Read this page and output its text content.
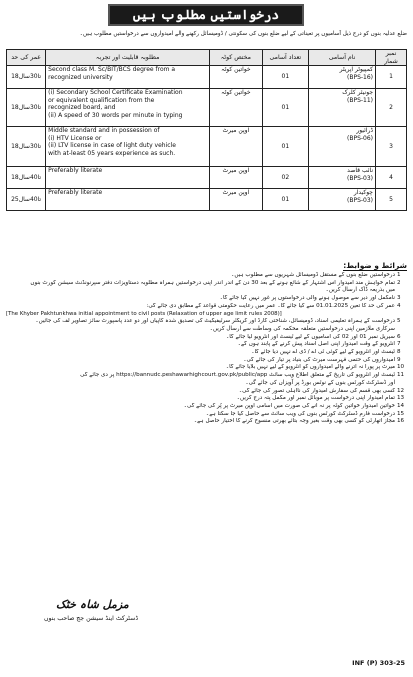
درخواستیں مطلوب ہیں
ضلع عدلیہ بنوں کو درج ذیل آسامیوں پر تعیناتی کے لیے ضلع بنوں کی سکونتی / ڈومیسائل رکھنے والے امیدواروں سے درخواستیں مطلوب ہیں۔
عمر کی حد	مطلوبہ قابلیت اور تجربہ	مختص کوٹہ	تعداد آسامی	نام آسامی	نمبر شمار
18تا30سال	Second class M. Sc/BIT/BCS degree from a
recognized university	خواتین کوٹہ	01	کمپیوٹر آپریٹر
(BPS-16)	1
18تا30سال	(i) Secondary School Certificate Examination
or equivalent qualification from the
recognized board, and
(ii) A speed of 30 words per minute in typing	خواتین کوٹہ	01	جونیئر کلرک
(BPS-11)	2
18تا30سال	Middle standard and in possession of
(i) HTV License or
(ii) LTV license in case of light duty vehicle
with at-least 05 years experience as such.	اوپن میرٹ	01	ڈرائیور
(BPS-06)	3
18تا40سال	Preferably literate	اوپن میرٹ	02	نائب قاصد
(BPS-03)	4
25تا40سال	Preferably literate	اوپن میرٹ	01	چوکیدار
(BPS-03)	5
شرائط و ضوابط:
1
درخواستیں ضلع بنوں کے مستقل ڈومیسائل شہریوں سے مطلوب ہیں۔
2
تمام خواہش مند امیدوار اس اشتہار کے شائع ہونے کے بعد 30 دن کے اندر اندر اپنی درخواستیں ہمراہ مطلوبہ دستاویزات دفتر سپرنونڈنٹ سیشن کورٹ بنوں
میں بذریعہ ڈاک ارسال کریں۔
3
نامکمل اور دیر سے موصول ہونے والی درخواستوں پر غور نہیں کیا جائے گا۔
4
عمر کی حد کا تعین 01.01.2025 سے کیا جائے گا۔ عمر میں رعایت حکومتی قواعد کے مطابق دی جائے گی:
[The Khyber Pakhtunkhwa initial appointment to civil posts (Relaxation of upper age limit rules 2008)]
5
درخواست کے ہمراہ تعلیمی اسناد، ڈومیسائل، شناختی کارڈ اور کریکٹر سرٹیفیکیٹ کی تصدیق شدہ کاپیاں اور دو عدد پاسپورٹ سائز تصاویر لف کی جائیں۔
سرکاری ملازمین اپنی درخواستیں متعلقہ محکمہ کی وساطت سے ارسال کریں۔
6
سیریل نمبر 01 اور 02 کی آسامیوں کے لیے ٹیسٹ اور انٹرویو لیا جائے گا۔
7
انٹرویو کے وقت امیدوار اپنی اصل اسناد پیش کرنے کے پابند ہوں گے۔
8
ٹیسٹ اور انٹرویو کے لیے کوئی ٹی اے / ڈی اے نہیں دیا جائے گا۔
9
امیدواروں کی حتمی فہرست میرٹ کی بنیاد پر تیار کی جائے گی۔
10
میرٹ پر پورا نہ اترنے والے امیدواروں کو انٹرویو کے لیے نہیں بلایا جائے گا۔
11
ٹیسٹ اور انٹرویو کی تاریخ کے متعلق اطلاع ویب سائٹ https://bannudc.peshawarhighcourt.gov.pk/public/app پر دی جائے گی
اور ڈسٹرکٹ کورٹس بنوں کے نوٹس بورڈ پر آویزاں کی جائے گی۔
12
کسی بھی قسم کی سفارش امیدوار کی نااہلی تصور کی جائے گی۔
13
تمام امیدوار اپنی درخواست پر موبائل نمبر اور مکمل پتہ درج کریں۔
14
خواتین امیدوار خواتین کوٹہ پر نہ آنے کی صورت میں آسامی اوپن میرٹ پر پُر کی جائے گی۔
15
درخواست فارم ڈسٹرکٹ کورٹس بنوں کی ویب سائٹ سے حاصل کیا جا سکتا ہے۔
16
مجاز اتھارٹی کو کسی بھی وقت بغیر وجہ بتائے بھرتی منسوخ کرنے کا اختیار حاصل ہے۔
مزمل شاہ خٹک
ڈسٹرکٹ اینڈ سیشن جج صاحب بنوں
INF (P) 303-25
